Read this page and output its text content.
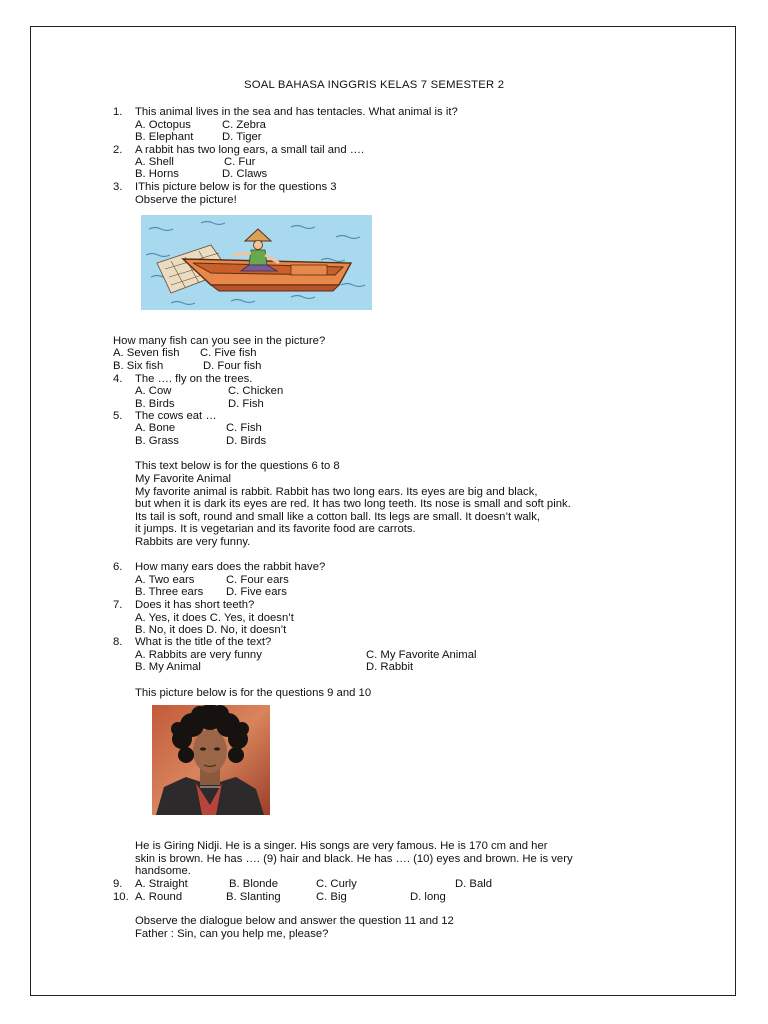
SOAL BAHASA INGGRIS KELAS 7 SEMESTER 2
1. This animal lives in the sea and has tentacles. What animal is it?
A. Octopus	C. Zebra
B. Elephant	D. Tiger
2. A rabbit has two long ears, a small tail and ….
A. Shell	C. Fur
B. Horns	D. Claws
3. IThis picture below is for the questions 3
Observe the picture!
How many fish can you see in the picture?
A. Seven fish C. Five fish
B. Six fish	D. Four fish
4. The …. fly on the trees.
A. Cow	C. Chicken
B. Birds	D. Fish
5. The cows eat …
A. Bone	C. Fish
B. Grass	D. Birds
This text below is for the questions 6 to 8
My Favorite Animal
My favorite animal is rabbit. Rabbit has two long ears. Its eyes are big and black,
but when it is dark its eyes are red. It has two long teeth. Its nose is small and soft pink.
Its tail is soft, round and small like a cotton ball. Its legs are small. It doesn’t walk,
it jumps. It is vegetarian and its favorite food are carrots.
Rabbits are very funny.
6. How many ears does the rabbit have?
A. Two ears	C. Four ears
B. Three ears D. Five ears
7. Does it has short teeth?
A. Yes, it does C. Yes, it doesn’t
B. No, it does D. No, it doesn’t
8. What is the title of the text?
A. Rabbits are very funny	C. My Favorite Animal
B. My Animal	D. Rabbit
This picture below is for the questions 9 and 10
He is Giring Nidji. He is a singer. His songs are very famous. He is 170 cm and her
skin is brown. He has …. (9) hair and black. He has …. (10) eyes and brown. He is very
handsome.
9. A. Straight	B. Blonde	C. Curly	D. Bald
10. A. Round	B. Slanting	C. Big	D. long
Observe the dialogue below and answer the question 11 and 12
Father : Sin, can you help me, please?
